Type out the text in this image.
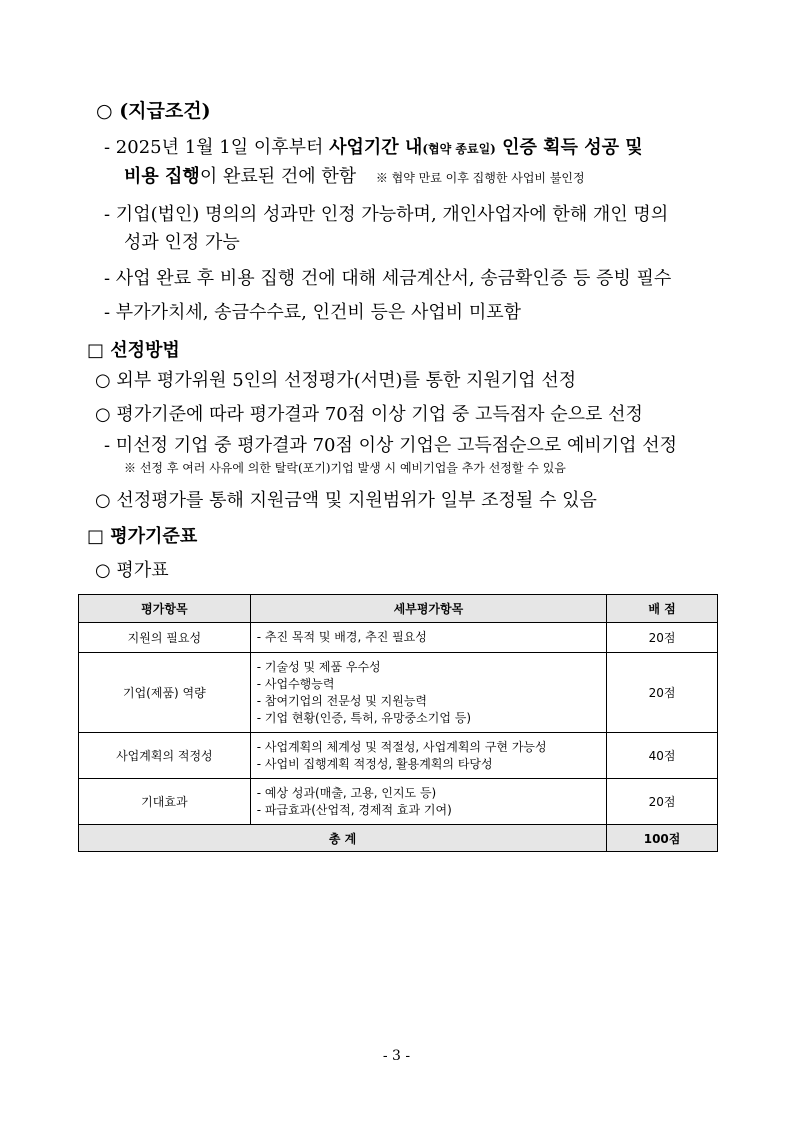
○ (지급조건)
- 2025년 1월 1일 이후부터 사업기간 내(협약 종료일) 인증 획득 성공 및
비용 집행이 완료된 건에 한함 ※ 협약 만료 이후 집행한 사업비 불인정
- 기업(법인) 명의의 성과만 인정 가능하며, 개인사업자에 한해 개인 명의
성과 인정 가능
- 사업 완료 후 비용 집행 건에 대해 세금계산서, 송금확인증 등 증빙 필수
- 부가가치세, 송금수수료, 인건비 등은 사업비 미포함
□ 선정방법
○ 외부 평가위원 5인의 선정평가(서면)를 통한 지원기업 선정
○ 평가기준에 따라 평가결과 70점 이상 기업 중 고득점자 순으로 선정
- 미선정 기업 중 평가결과 70점 이상 기업은 고득점순으로 예비기업 선정
※ 선정 후 여러 사유에 의한 탈락(포기)기업 발생 시 예비기업을 추가 선정할 수 있음
○ 선정평가를 통해 지원금액 및 지원범위가 일부 조정될 수 있음
□ 평가기준표
○ 평가표
평가항목	세부평가항목	배 점
지원의 필요성	- 추진 목적 및 배경, 추진 필요성	20점
기업(제품) 역량	- 기술성 및 제품 우수성
- 사업수행능력
- 참여기업의 전문성 및 지원능력
- 기업 현황(인증, 특허, 유망중소기업 등)	20점
사업계획의 적정성	- 사업계획의 체계성 및 적절성, 사업계획의 구현 가능성
- 사업비 집행계획 적정성, 활용계획의 타당성	40점
기대효과	- 예상 성과(매출, 고용, 인지도 등)
- 파급효과(산업적, 경제적 효과 기여)	20점
총 계		100점
- 3 -
